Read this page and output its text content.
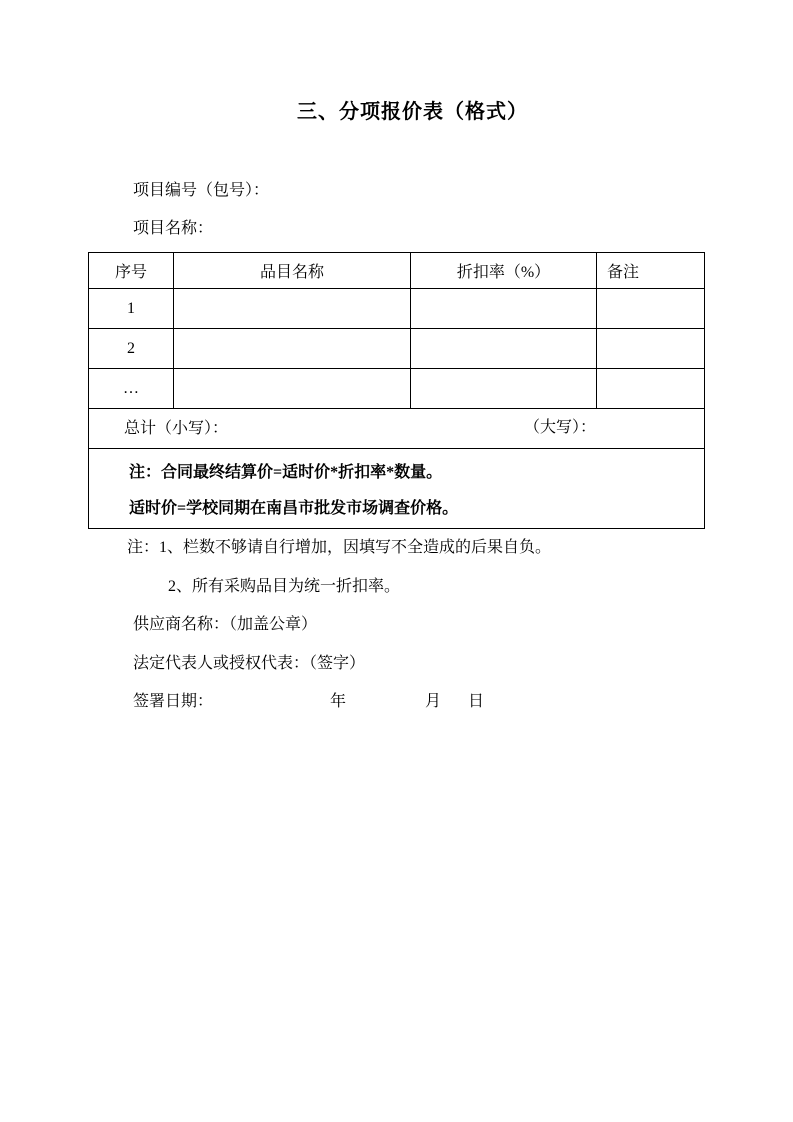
三、分项报价表（格式）
项目编号（包号）：
项目名称：
序号	品目名称	折扣率（%）	备注
1			
2			
…			
总计（小写）： （大写）：			

注：合同最终结算价=适时价*折扣率*数量。
适时价=学校同期在南昌市批发市场调查价格。			
注：1、栏数不够请自行增加，因填写不全造成的后果自负。
2、所有采购品目为统一折扣率。
供应商名称：（加盖公章）
法定代表人或授权代表：（签字）
签署日期：	年	月 日
